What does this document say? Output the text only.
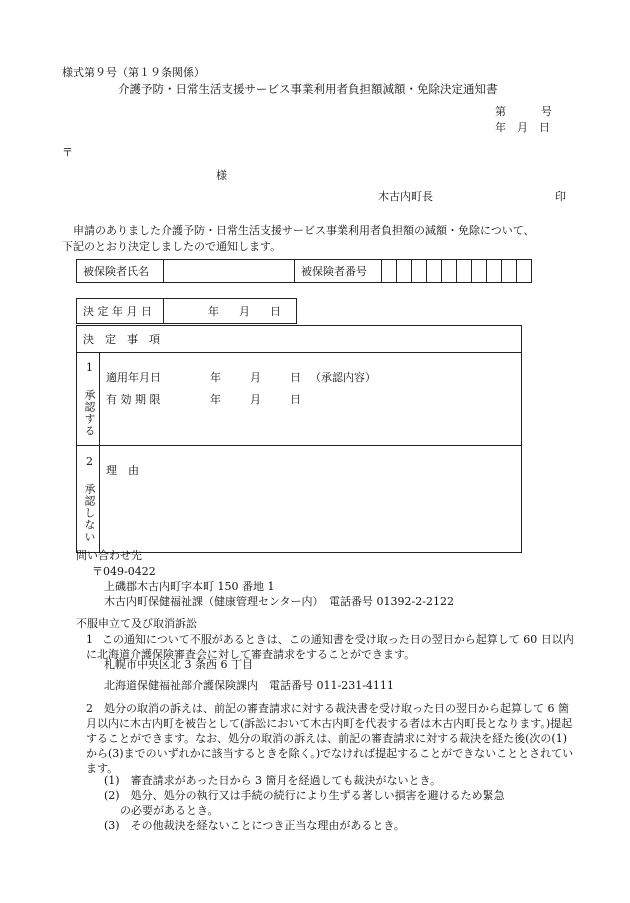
様式第９号（第１９条関係）
介護予防・日常生活支援サービス事業利用者負担額減額・免除決定通知書
第	号
年　月　日
〒
様
木古内町長	印

申請のありました介護予防・日常生活支援サービス事業利用者負担額の減額・免除について、

下記のとおり決定しましたので通知します。

被保険者氏名		被保険者番号										
決 定 年 月 日	年 月 日
決　定　事　項	
1 承認する	適用年月日 年 月 日 （承認内容）
有 効 期 限 年 月 日

2 承認しない	理　由
問い合わせ先
〒049-0422
上磯郡木古内町字本町 150 番地 1
木古内町保健福祉課（健康管理センター内）　電話番号 01392-2-2122
不服申立て及び取消訴訟
1 この通知について不服があるときは、この通知書を受け取った日の翌日から起算して 60 日以内に北海道介護保険審査会に対して審査請求をすることができます。
札幌市中央区北 3 条西 6 丁目
北海道保健福祉部介護保険課内　電話番号 011-231-4111
2　処分の取消の訴えは、前記の審査請求に対する裁決書を受け取った日の翌日から起算して 6 箇月以内に木古内町を被告として(訴訟において木古内町を代表する者は木古内町長となります。)提起することができます。なお、処分の取消の訴えは、前記の審査請求に対する裁決を経た後(次の(1)から(3)までのいずれかに該当するときを除く。)でなければ提起することができないこととされています。
(1)　審査請求があった日から 3 箇月を経過しても裁決がないとき。
(2)　処分、処分の執行又は手続の続行により生ずる著しい損害を避けるため緊急
の必要があるとき。
(3)　その他裁決を経ないことにつき正当な理由があるとき。
